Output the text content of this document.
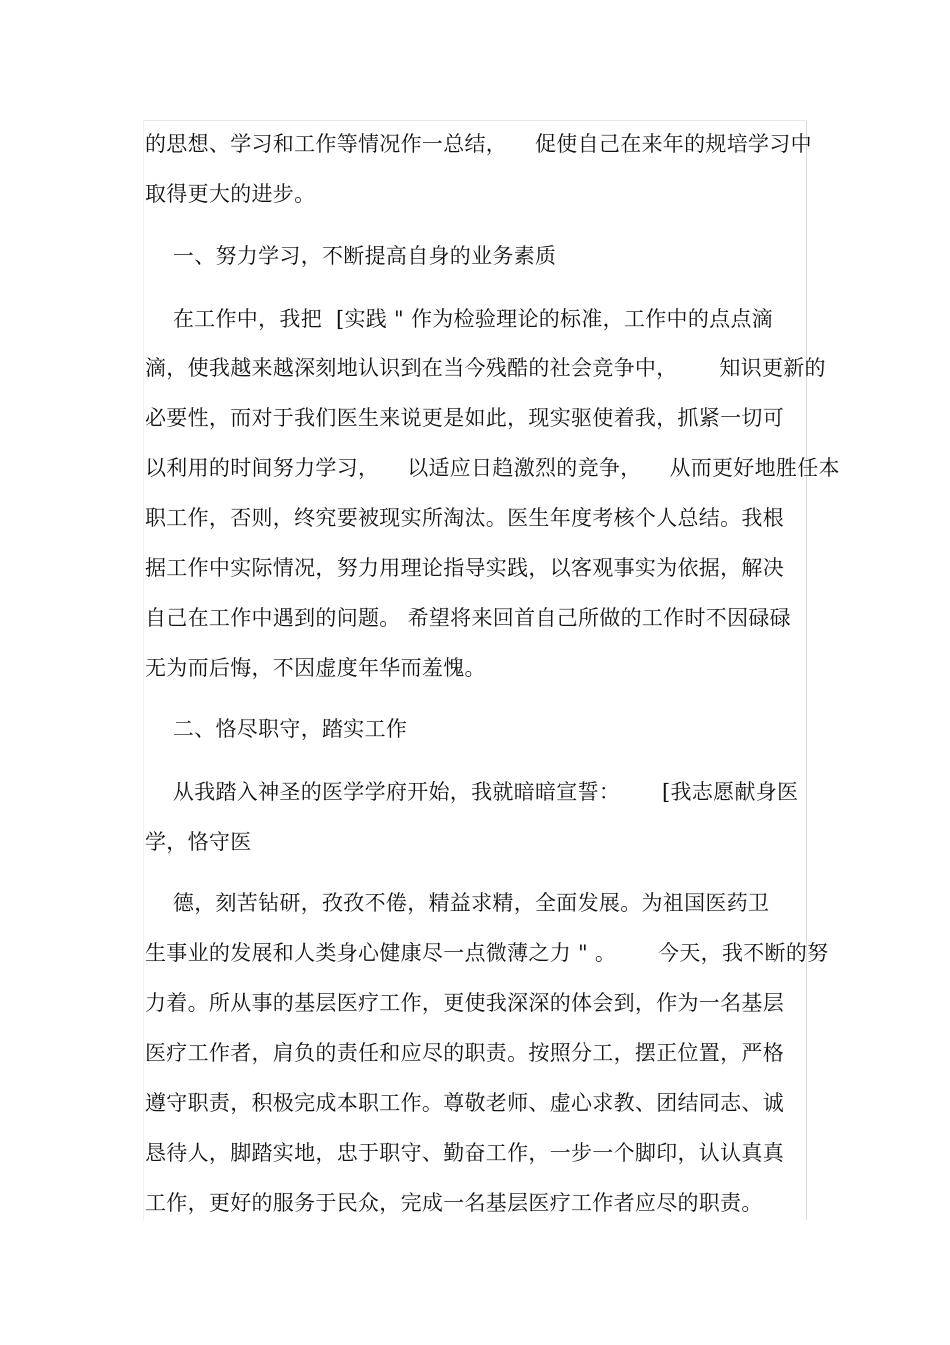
的思想、学习和工作等情况作一总结，    促使自己在来年的规培学习中
取得更大的进步。
一、努力学习，不断提高自身的业务素质
在工作中，我把  [实践 " 作为检验理论的标准，工作中的点点滴
滴，使我越来越深刻地认识到在当今残酷的社会竞争中，      知识更新的
必要性，而对于我们医生来说更是如此，现实驱使着我，抓紧一切可
以利用的时间努力学习，    以适应日趋激烈的竞争，    从而更好地胜任本
职工作，否则，终究要被现实所淘汰。医生年度考核个人总结。我根
据工作中实际情况，努力用理论指导实践，以客观事实为依据，解决
自己在工作中遇到的问题。 希望将来回首自己所做的工作时不因碌碌
无为而后悔，不因虚度年华而羞愧。
二、恪尽职守，踏实工作
从我踏入神圣的医学学府开始，我就暗暗宣誓：      [我志愿献身医
学，恪守医
德，刻苦钻研，孜孜不倦，精益求精，全面发展。为祖国医药卫
生事业的发展和人类身心健康尽一点微薄之力 " 。      今天，我不断的努
力着。所从事的基层医疗工作，更使我深深的体会到，作为一名基层
医疗工作者，肩负的责任和应尽的职责。按照分工，摆正位置，严格
遵守职责，积极完成本职工作。尊敬老师、虚心求教、团结同志、诚
恳待人，脚踏实地，忠于职守、勤奋工作，一步一个脚印，认认真真
工作，更好的服务于民众，完成一名基层医疗工作者应尽的职责。
